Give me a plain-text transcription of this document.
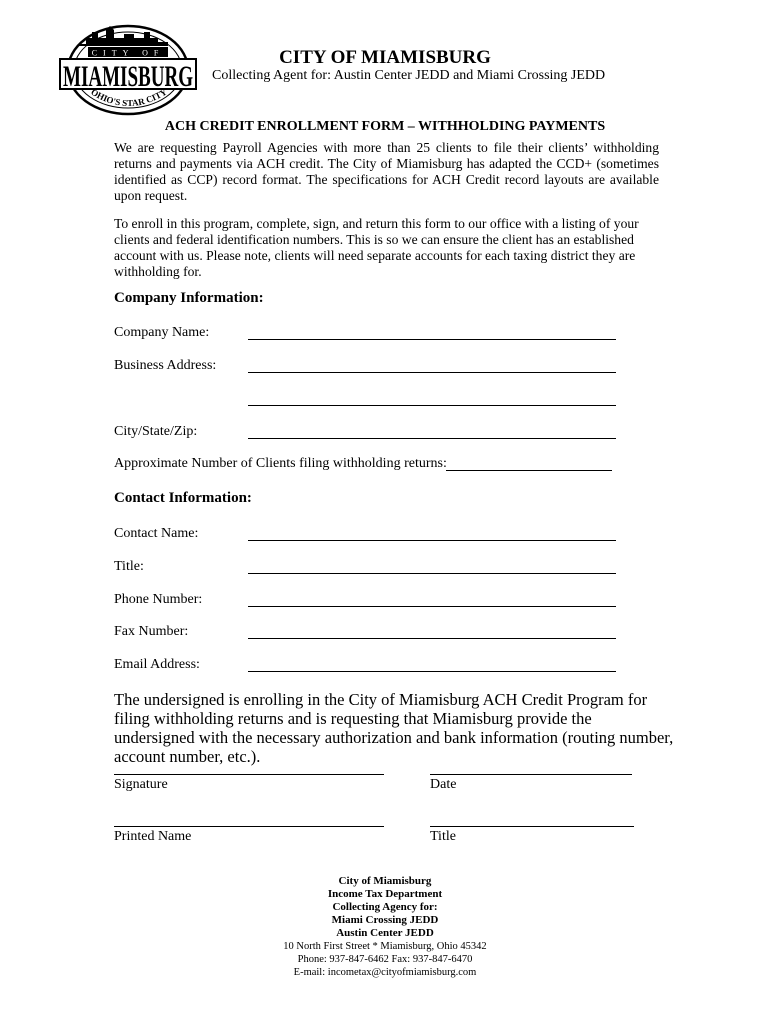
CITY OF
MIAMISBURG
OHIO'S STAR CITY
CITY OF MIAMISBURG
Collecting Agent for: Austin Center JEDD and Miami Crossing JEDD
ACH CREDIT ENROLLMENT FORM – WITHHOLDING PAYMENTS
We are requesting Payroll Agencies with more than 25 clients to file their clients’ withholding returns and payments via ACH credit. The City of Miamisburg has adapted the CCD+ (sometimes identified as CCP) record format. The specifications for ACH Credit record layouts are available upon request.
To enroll in this program, complete, sign, and return this form to our office with a listing of your clients and federal identification numbers. This is so we can ensure the client has an established account with us. Please note, clients will need separate accounts for each taxing district they are withholding for.
Company Information:
Company Name:
Business Address:
City/State/Zip:
Approximate Number of Clients filing withholding returns:
Contact Information:
Contact Name:
Title:
Phone Number:
Fax Number:
Email Address:
The undersigned is enrolling in the City of Miamisburg ACH Credit Program for filing withholding returns and is requesting that Miamisburg provide the undersigned with the necessary authorization and bank information (routing number, account number, etc.).
Signature	Date
Printed Name	Title
City of Miamisburg
Income Tax Department
Collecting Agency for:
Miami Crossing JEDD
Austin Center JEDD
10 North First Street * Miamisburg, Ohio 45342
Phone: 937-847-6462 Fax: 937-847-6470
E-mail: incometax@cityofmiamisburg.com
